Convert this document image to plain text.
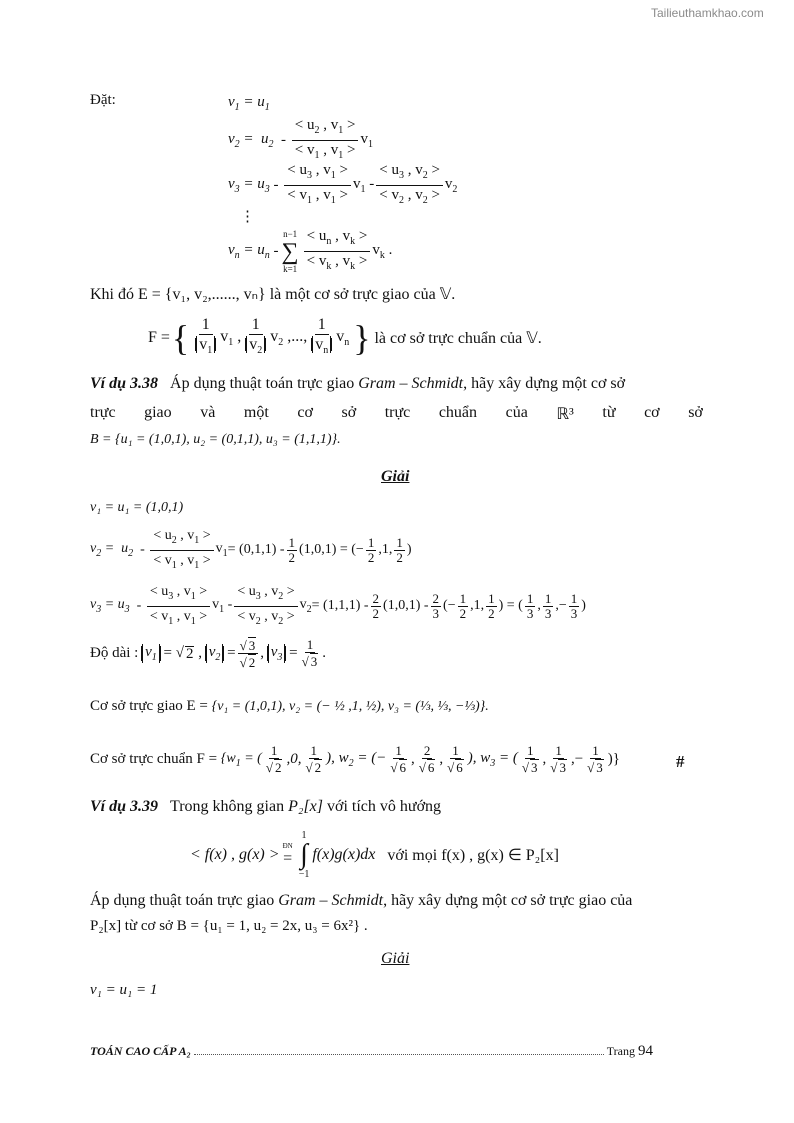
Tailieuthamkhao.com
Đặt:	$v_1 = u_1$
$v_2 = u_2 - \frac{< u_2 , v_1 >}{< v_1 , v_1 >} v_1$
$v_3 = u_3 - \frac{< u_3 , v_1 >}{< v_1 , v_1 >} v_1 - \frac{< u_3 , v_2 >}{< v_2 , v_2 >} v_2$
⋮
$v_n = u_n$ -
n−1
∑
$k=1 \frac{< u_n , v_k >}{< v_k , v_k >} v_k$ .
Khi đó E = {v₁, v₂,......, vₙ} là một cơ sở trực giao của 𝕍.
F = { $\frac{1}{v_1} v_1$ , $\frac{1}{v_2} v_2$ ,..., $\frac{1}{v_n} v_n$ } là cơ sở trực chuẩn của 𝕍.
Ví dụ 3.38 Áp dụng thuật toán trực giao Gram – Schmidt, hãy xây dựng một cơ sở
trực giao và một cơ sở trực chuẩn của ℝ³ từ cơ sở
B = {u₁ = (1,0,1), u₂ = (0,1,1), u₃ = (1,1,1)}.
Giải
v₁ = u₁ = (1,0,1)
$v_2 = u_2 - \frac{< u_2 , v_1 >}{< v_1 , v_1 >} v_1 = (0,1,1) - \frac{1}{2} (1,0,1)$ = (− $\frac{1}{2} ,1$, $\frac{1}{2}$ )
$v_3 = u_3 - \frac{< u_3 , v_1 >}{< v_1 , v_1 >} v_1 - \frac{< u_3 , v_2 >}{< v_2 , v_2 >} v_2 = (1,1,1) - \frac{2}{2} (1,0,1) - \frac{2}{3}$ (− $\frac{1}{2} ,1$, $\frac{1}{2}$ ) = ( $\frac{1}{3}$ , $\frac{1}{3}$ ,− $\frac{1}{3}$ )
Độ dài :
$v_1$ = √ 2 , $v_2 = \frac{√ 3}{√ 2}$ , $v_3 = \frac{1}{√ 3}$ .
Cơ sở trực giao E =
{v₁ = (1,0,1), v₂ = (− ½ ,1, ½), v₃ = (⅓, ⅓, −⅓)}.
Cơ sở trực chuẩn F =
{$w_1$ = ( $\frac{1}{√ 2} ,0$, $\frac{1}{√ 2}$ ), $w_2$ = (− $\frac{1}{√ 6}$ , $\frac{2}{√ 6}$ , $\frac{1}{√ 6}$ ), $w_3$ = ( $\frac{1}{√ 3}$ , $\frac{1}{√ 3}$ ,− $\frac{1}{√ 3}$ )}	#
Ví dụ 3.39 Trong không gian P₂[x] với tích vô hướng
< f(x) , g(x) > ĐN
=
1
∫
−1
f(x)g(x)dx
với mọi f(x) , g(x) ∈ P₂[x]
Áp dụng thuật toán trực giao Gram – Schmidt, hãy xây dựng một cơ sở trực giao của
P₂[x] từ cơ sở B = {u₁ = 1, u₂ = 2x, u₃ = 6x²} .
Giải
v₁ = u₁ = 1
TOÁN CAO CẤP A₂	Trang
94
